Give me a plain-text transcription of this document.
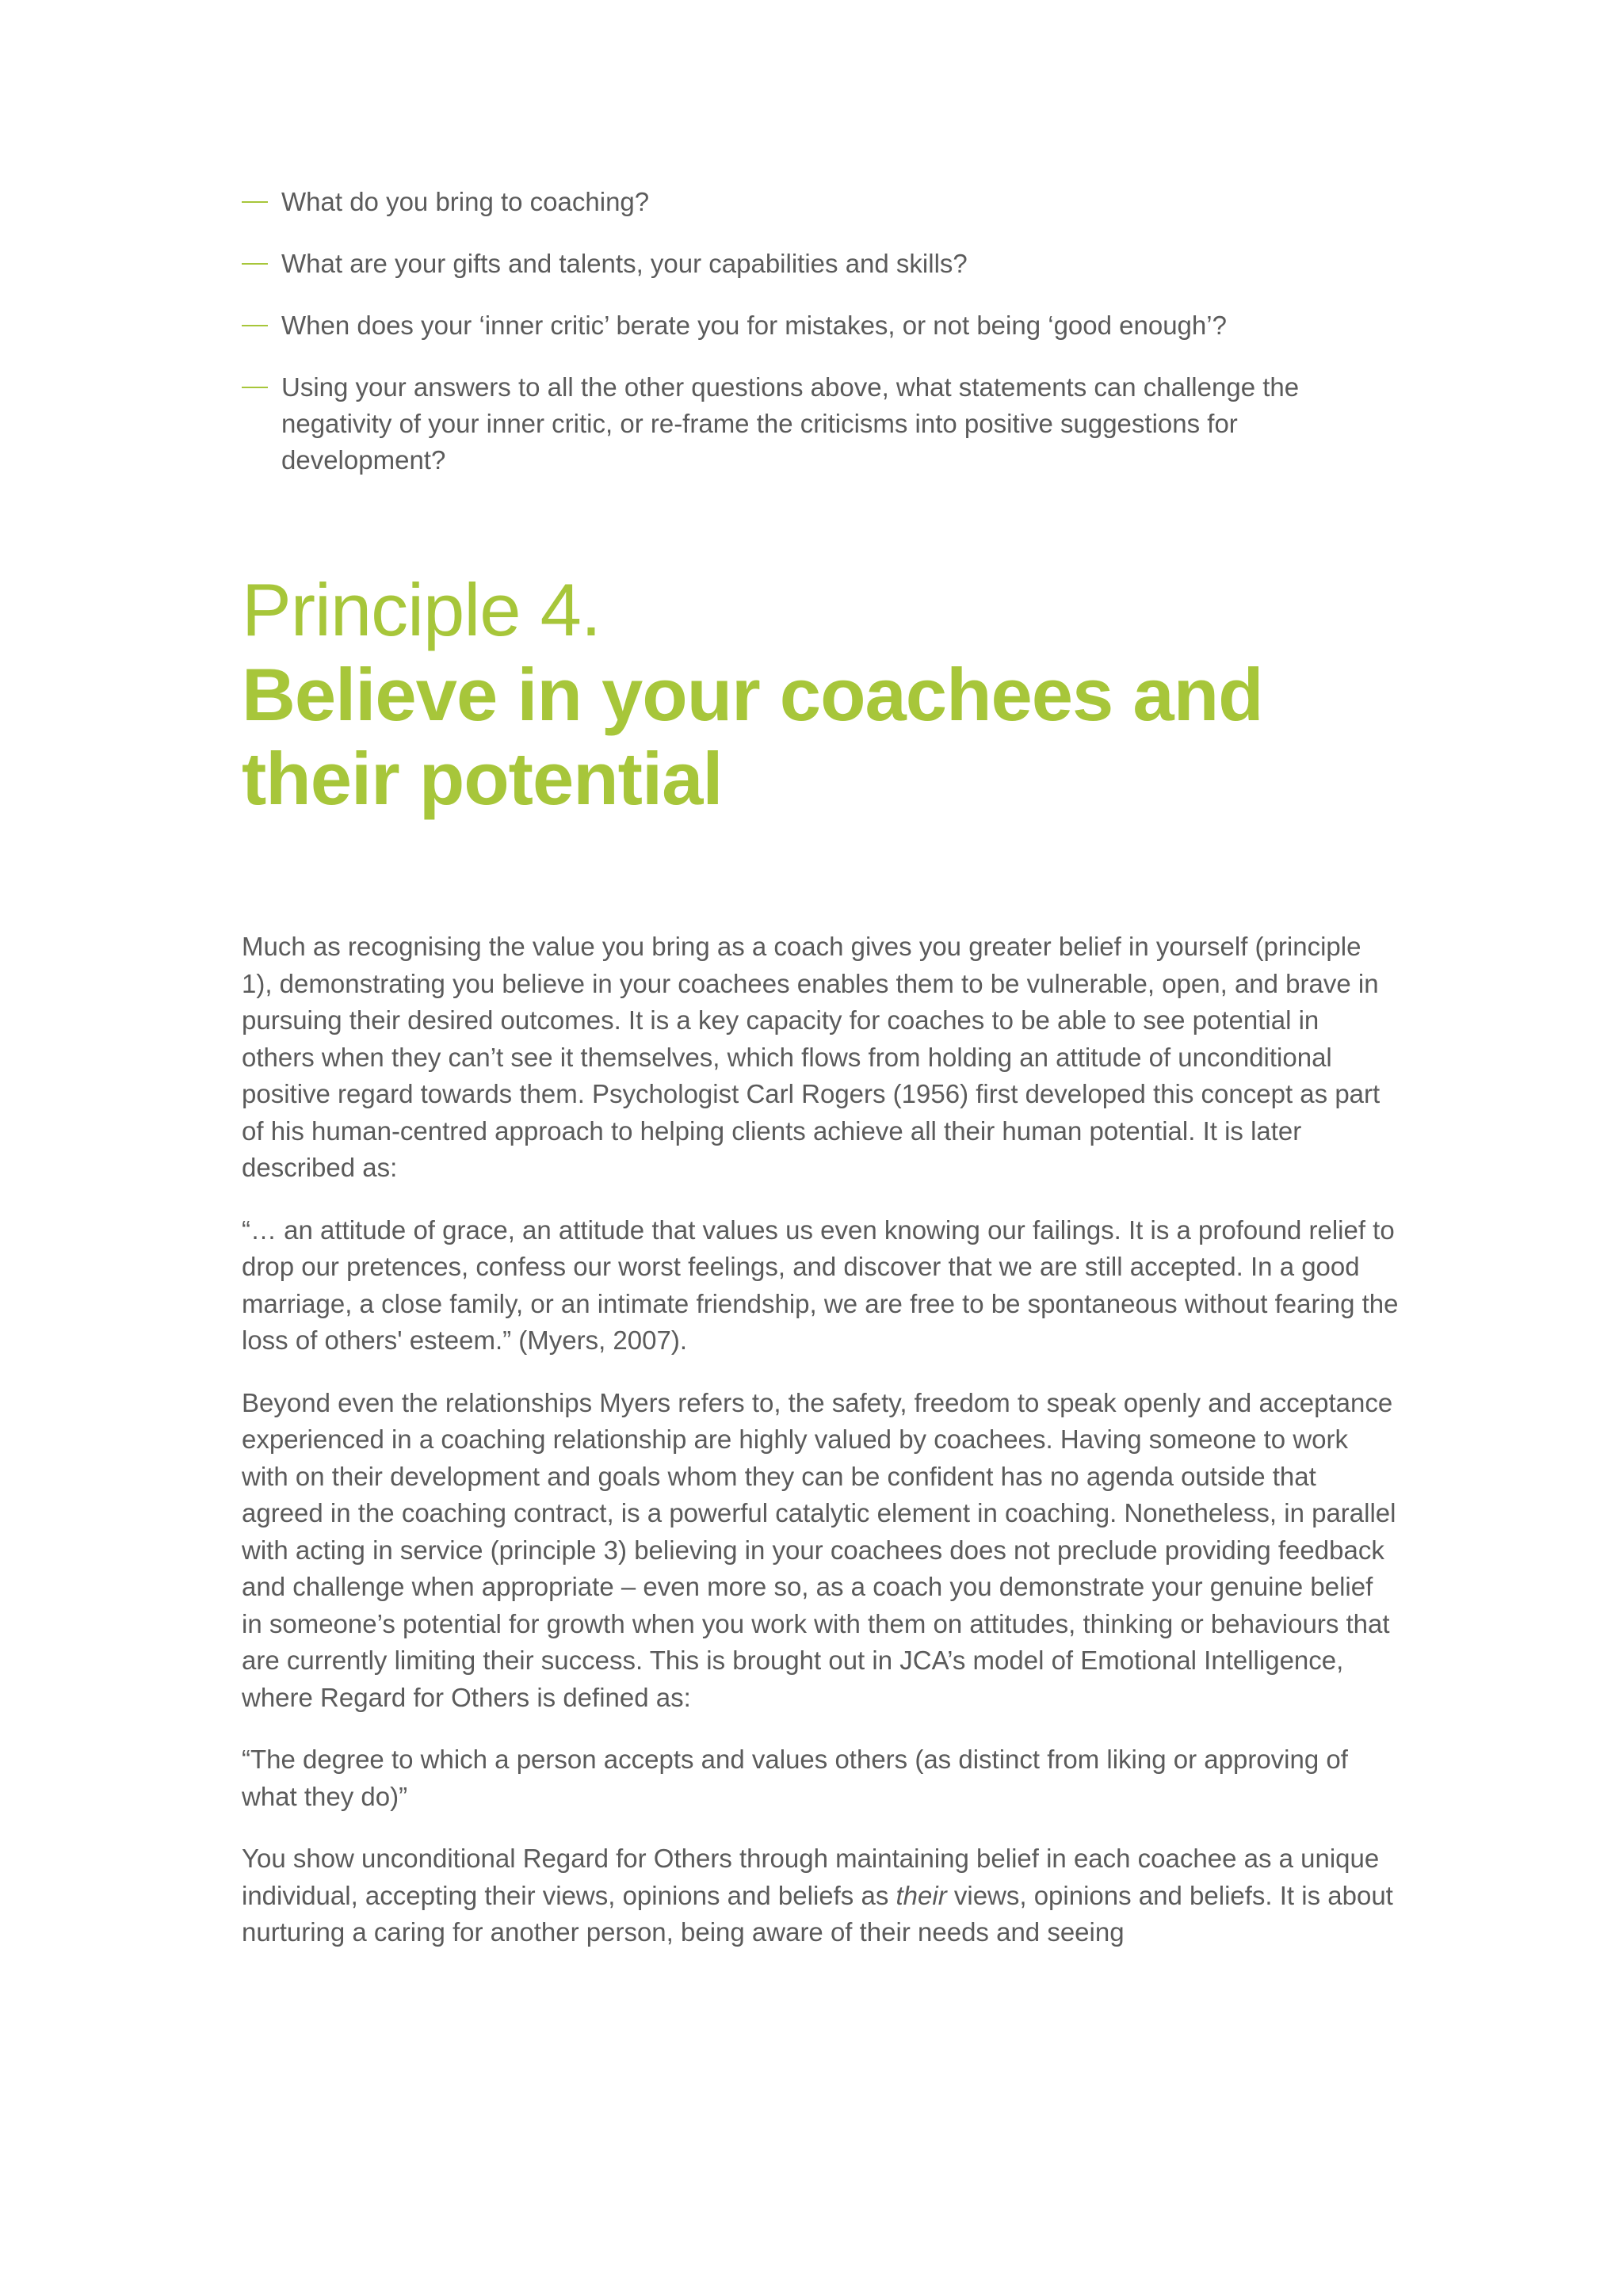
What do you bring to coaching?
What are your gifts and talents, your capabilities and skills?
When does your ‘inner critic’ berate you for mistakes, or not being ‘good enough’?
Using your answers to all the other questions above, what statements can challenge the negativity of your inner critic, or re-frame the criticisms into positive suggestions for development?
Principle 4.
Believe in your coachees and
their potential

Much as recognising the value you bring as a coach gives you greater belief in yourself (principle 1), demonstrating you believe in your coachees enables them to be vulnerable, open, and brave in pursuing their desired outcomes. It is a key capacity for coaches to be able to see potential in others when they can’t see it themselves, which flows from holding an attitude of unconditional positive regard towards them. Psychologist Carl Rogers (1956) first developed this concept as part of his human-centred approach to helping clients achieve all their human potential. It is later described as:

“… an attitude of grace, an attitude that values us even knowing our failings. It is a profound relief to drop our pretences, confess our worst feelings, and discover that we are still accepted. In a good marriage, a close family, or an intimate friendship, we are free to be spontaneous without fearing the loss of others' esteem.” (Myers, 2007).

Beyond even the relationships Myers refers to, the safety, freedom to speak openly and acceptance experienced in a coaching relationship are highly valued by coachees. Having someone to work with on their development and goals whom they can be confident has no agenda outside that agreed in the coaching contract, is a powerful catalytic element in coaching. Nonetheless, in parallel with acting in service (principle 3) believing in your coachees does not preclude providing feedback and challenge when appropriate – even more so, as a coach you demonstrate your genuine belief in someone’s potential for growth when you work with them on attitudes, thinking or behaviours that are currently limiting their success. This is brought out in JCA’s model of Emotional Intelligence, where Regard for Others is defined as:

“The degree to which a person accepts and values others (as distinct from liking or approving of what they do)”

You show unconditional Regard for Others through maintaining belief in each coachee as a unique individual, accepting their views, opinions and beliefs as their views, opinions and beliefs. It is about nurturing a caring for another person, being aware of their needs and seeing
